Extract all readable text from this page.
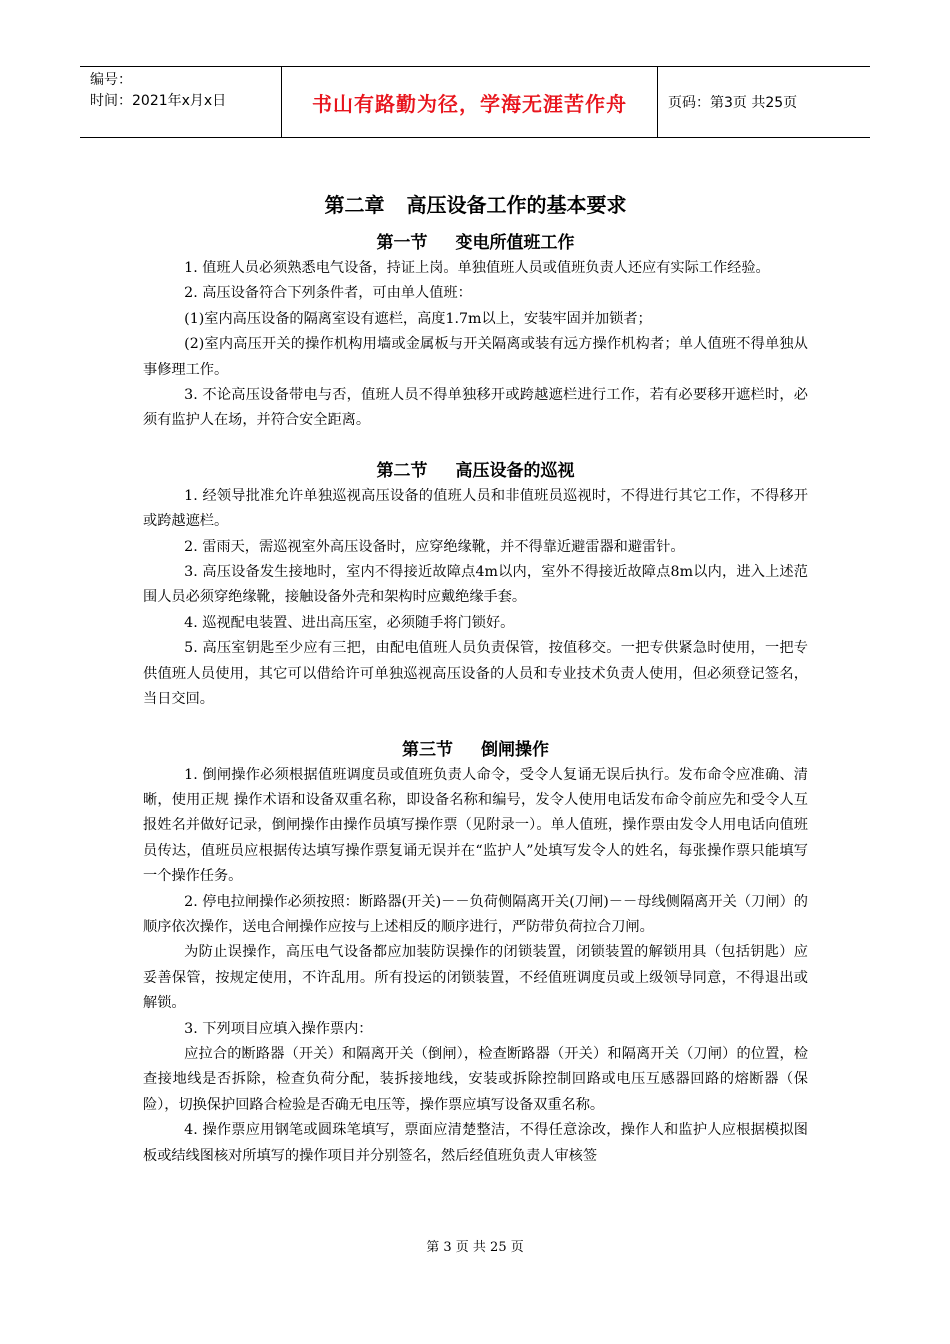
编号：
时间：2021年x月x日	书山有路勤为径，学海无涯苦作舟	页码：第3页 共25页
第二章 高压设备工作的基本要求
第一节 变电所值班工作

1. 值班人员必须熟悉电气设备，持证上岗。单独值班人员或值班负责人还应有实际工作经验。

2. 高压设备符合下列条件者，可由单人值班：

(1)室内高压设备的隔离室设有遮栏，高度1.7m以上，安装牢固并加锁者；

(2)室内高压开关的操作机构用墙或金属板与开关隔离或装有远方操作机构者；单人值班不得单独从事修理工作。

3. 不论高压设备带电与否，值班人员不得单独移开或跨越遮栏进行工作，若有必要移开遮栏时，必须有监护人在场，并符合安全距离。

第二节 高压设备的巡视

1. 经领导批准允许单独巡视高压设备的值班人员和非值班员巡视时，不得进行其它工作，不得移开或跨越遮栏。

2. 雷雨天，需巡视室外高压设备时，应穿绝缘靴，并不得靠近避雷器和避雷针。

3. 高压设备发生接地时，室内不得接近故障点4m以内，室外不得接近故障点8m以内，进入上述范围人员必须穿绝缘靴，接触设备外壳和架构时应戴绝缘手套。

4. 巡视配电装置、进出高压室，必须随手将门锁好。

5. 高压室钥匙至少应有三把，由配电值班人员负责保管，按值移交。一把专供紧急时使用，一把专供值班人员使用，其它可以借给许可单独巡视高压设备的人员和专业技术负责人使用，但必须登记签名，当日交回。

第三节 倒闸操作

1. 倒闸操作必须根据值班调度员或值班负责人命令，受令人复诵无误后执行。发布命令应准确、清晰，使用正规 操作术语和设备双重名称，即设备名称和编号，发令人使用电话发布命令前应先和受令人互报姓名并做好记录，倒闸操作由操作员填写操作票（见附录一）。单人值班，操作票由发令人用电话向值班员传达，值班员应根据传达填写操作票复诵无误并在“监护人”处填写发令人的姓名，每张操作票只能填写一个操作任务。

2. 停电拉闸操作必须按照：断路器(开关)－－负荷侧隔离开关(刀闸)－－母线侧隔离开关（刀闸）的顺序依次操作，送电合闸操作应按与上述相反的顺序进行，严防带负荷拉合刀闸。

为防止误操作，高压电气设备都应加装防误操作的闭锁装置，闭锁装置的解锁用具（包括钥匙）应妥善保管，按规定使用，不许乱用。所有投运的闭锁装置，不经值班调度员或上级领导同意，不得退出或解锁。

3. 下列项目应填入操作票内：

应拉合的断路器（开关）和隔离开关（倒闸），检查断路器（开关）和隔离开关（刀闸）的位置，检查接地线是否拆除，检查负荷分配，装拆接地线，安装或拆除控制回路或电压互感器回路的熔断器（保险），切换保护回路合检验是否确无电压等，操作票应填写设备双重名称。

4. 操作票应用钢笔或圆珠笔填写，票面应清楚整洁，不得任意涂改，操作人和监护人应根据模拟图板或结线图核对所填写的操作项目并分别签名，然后经值班负责人审核签

第 3 页 共 25 页
